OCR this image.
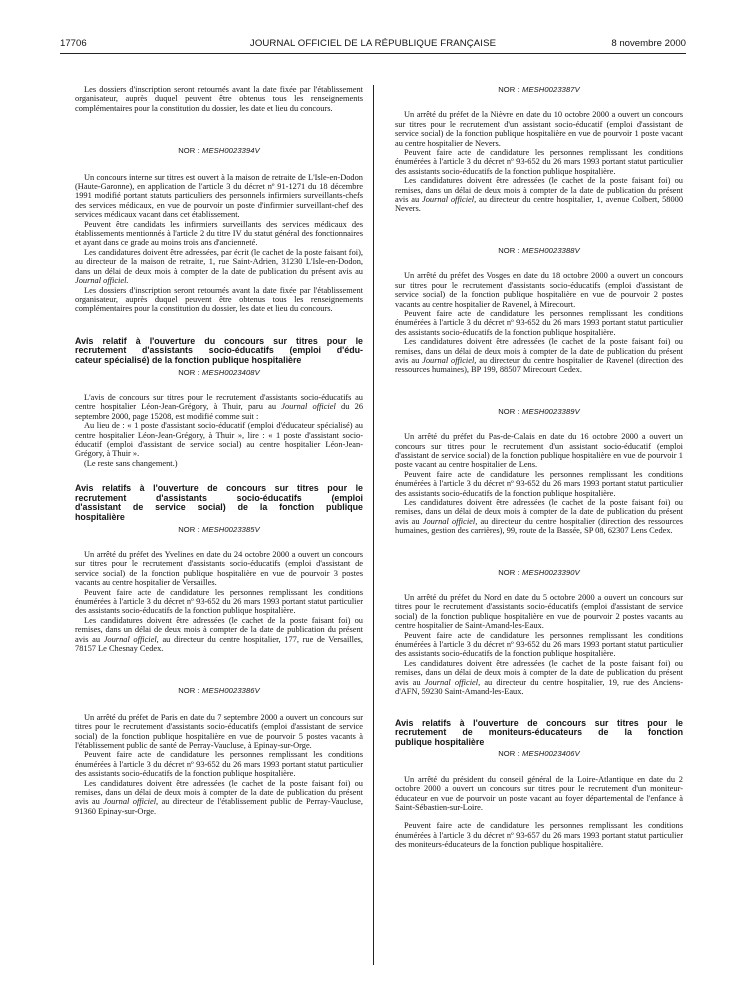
17706	JOURNAL OFFICIEL DE LA RÉPUBLIQUE FRANÇAISE	8 novembre 2000

Les dossiers d'inscription seront retournés avant la date fixée par l'établissement organisateur, auprès duquel peuvent être obtenus tous les renseignements complémentaires pour la constitution du dossier, les date et lieu du concours.

NOR : MESH0023394V

Un concours interne sur titres est ouvert à la maison de retraite de L'Isle-en-Dodon (Haute-Garonne), en application de l'article 3 du décret nº 91-1271 du 18 décembre 1991 modifié portant statuts particuliers des personnels infirmiers surveillants-chefs des services médicaux, en vue de pourvoir un poste d'infirmier surveillant-chef des services médicaux vacant dans cet établissement.

Peuvent être candidats les infirmiers surveillants des services médicaux des établissements mentionnés à l'article 2 du titre IV du statut général des fonctionnaires et ayant dans ce grade au moins trois ans d'ancienneté.

Les candidatures doivent être adressées, par écrit (le cachet de la poste faisant foi), au directeur de la maison de retraite, 1, rue Saint-Adrien, 31230 L'Isle-en-Dodon, dans un délai de deux mois à compter de la date de publication du présent avis au Journal officiel.

Les dossiers d'inscription seront retournés avant la date fixée par l'établissement organisateur, auprès duquel peuvent être obtenus tous les renseignements complémentaires pour la constitution du dossier, les date et lieu du concours.

Avis relatif à l'ouverture du concours sur titres pour le
recrutement d'assistants socio-éducatifs (emploi d'édu-
cateur spécialisé) de la fonction publique hospitalière
NOR : MESH0023408V

L'avis de concours sur titres pour le recrutement d'assistants socio-éducatifs au centre hospitalier Léon-Jean-Grégory, à Thuir, paru au Journal officiel du 26 septembre 2000, page 15208, est modifié comme suit :

Au lieu de : « 1 poste d'assistant socio-éducatif (emploi d'éducateur spécialisé) au centre hospitalier Léon-Jean-Grégory, à Thuir », lire : « 1 poste d'assistant socio-éducatif (emploi d'assistant de service social) au centre hospitalier Léon-Jean-Grégory, à Thuir ».

(Le reste sans changement.)

Avis relatifs à l'ouverture de concours sur titres pour le
recrutement d'assistants socio-éducatifs (emploi
d'assistant de service social) de la fonction publique
hospitalière
NOR : MESH0023385V

Un arrêté du préfet des Yvelines en date du 24 octobre 2000 a ouvert un concours sur titres pour le recrutement d'assistants socio-éducatifs (emploi d'assistant de service social) de la fonction publique hospitalière en vue de pourvoir 3 postes vacants au centre hospitalier de Versailles.

Peuvent faire acte de candidature les personnes remplissant les conditions énumérées à l'article 3 du décret nº 93-652 du 26 mars 1993 portant statut particulier des assistants socio-éducatifs de la fonction publique hospitalière.

Les candidatures doivent être adressées (le cachet de la poste faisant foi) ou remises, dans un délai de deux mois à compter de la date de publication du présent avis au Journal officiel, au directeur du centre hospitalier, 177, rue de Versailles, 78157 Le Chesnay Cedex.

NOR : MESH0023386V

Un arrêté du préfet de Paris en date du 7 septembre 2000 a ouvert un concours sur titres pour le recrutement d'assistants socio-éducatifs (emploi d'assistant de service social) de la fonction publique hospitalière en vue de pourvoir 5 postes vacants à l'établissement public de santé de Perray-Vaucluse, à Epinay-sur-Orge.

Peuvent faire acte de candidature les personnes remplissant les conditions énumérées à l'article 3 du décret nº 93-652 du 26 mars 1993 portant statut particulier des assistants socio-éducatifs de la fonction publique hospitalière.

Les candidatures doivent être adressées (le cachet de la poste faisant foi) ou remises, dans un délai de deux mois à compter de la date de publication du présent avis au Journal officiel, au directeur de l'établissement public de Perray-Vaucluse, 91360 Epinay-sur-Orge.

NOR : MESH0023387V

Un arrêté du préfet de la Nièvre en date du 10 octobre 2000 a ouvert un concours sur titres pour le recrutement d'un assistant socio-éducatif (emploi d'assistant de service social) de la fonction publique hospitalière en vue de pourvoir 1 poste vacant au centre hospitalier de Nevers.

Peuvent faire acte de candidature les personnes remplissant les conditions énumérées à l'article 3 du décret nº 93-652 du 26 mars 1993 portant statut particulier des assistants socio-éducatifs de la fonction publique hospitalière.

Les candidatures doivent être adressées (le cachet de la poste faisant foi) ou remises, dans un délai de deux mois à compter de la date de publication du présent avis au Journal officiel, au directeur du centre hospitalier, 1, avenue Colbert, 58000 Nevers.

NOR : MESH0023388V

Un arrêté du préfet des Vosges en date du 18 octobre 2000 a ouvert un concours sur titres pour le recrutement d'assistants socio-éducatifs (emploi d'assistant de service social) de la fonction publique hospitalière en vue de pourvoir 2 postes vacants au centre hospitalier de Ravenel, à Mirecourt.

Peuvent faire acte de candidature les personnes remplissant les conditions énumérées à l'article 3 du décret nº 93-652 du 26 mars 1993 portant statut particulier des assistants socio-éducatifs de la fonction publique hospitalière.

Les candidatures doivent être adressées (le cachet de la poste faisant foi) ou remises, dans un délai de deux mois à compter de la date de publication du présent avis au Journal officiel, au directeur du centre hospitalier de Ravenel (direction des ressources humaines), BP 199, 88507 Mirecourt Cedex.

NOR : MESH0023389V

Un arrêté du préfet du Pas-de-Calais en date du 16 octobre 2000 a ouvert un concours sur titres pour le recrutement d'un assistant socio-éducatif (emploi d'assistant de service social) de la fonction publique hospitalière en vue de pourvoir 1 poste vacant au centre hospitalier de Lens.

Peuvent faire acte de candidature les personnes remplissant les conditions énumérées à l'article 3 du décret nº 93-652 du 26 mars 1993 portant statut particulier des assistants socio-éducatifs de la fonction publique hospitalière.

Les candidatures doivent être adressées (le cachet de la poste faisant foi) ou remises, dans un délai de deux mois à compter de la date de publication du présent avis au Journal officiel, au directeur du centre hospitalier (direction des ressources humaines, gestion des carrières), 99, route de la Bassée, SP 08, 62307 Lens Cedex.

NOR : MESH0023390V

Un arrêté du préfet du Nord en date du 5 octobre 2000 a ouvert un concours sur titres pour le recrutement d'assistants socio-éducatifs (emploi d'assistant de service social) de la fonction publique hospitalière en vue de pourvoir 2 postes vacants au centre hospitalier de Saint-Amand-les-Eaux.

Peuvent faire acte de candidature les personnes remplissant les conditions énumérées à l'article 3 du décret nº 93-652 du 26 mars 1993 portant statut particulier des assistants socio-éducatifs de la fonction publique hospitalière.

Les candidatures doivent être adressées (le cachet de la poste faisant foi) ou remises, dans un délai de deux mois à compter de la date de publication du présent avis au Journal officiel, au directeur du centre hospitalier, 19, rue des Anciens-d'AFN, 59230 Saint-Amand-les-Eaux.

Avis relatifs à l'ouverture de concours sur titres pour le
recrutement de moniteurs-éducateurs de la fonction
publique hospitalière
NOR : MESH0023406V

Un arrêté du président du conseil général de la Loire-Atlantique en date du 2 octobre 2000 a ouvert un concours sur titres pour le recrutement d'un moniteur-éducateur en vue de pourvoir un poste vacant au foyer départemental de l'enfance à Saint-Sébastien-sur-Loire.

Peuvent faire acte de candidature les personnes remplissant les conditions énumérées à l'article 3 du décret nº 93-657 du 26 mars 1993 portant statut particulier des moniteurs-éducateurs de la fonction publique hospitalière.
